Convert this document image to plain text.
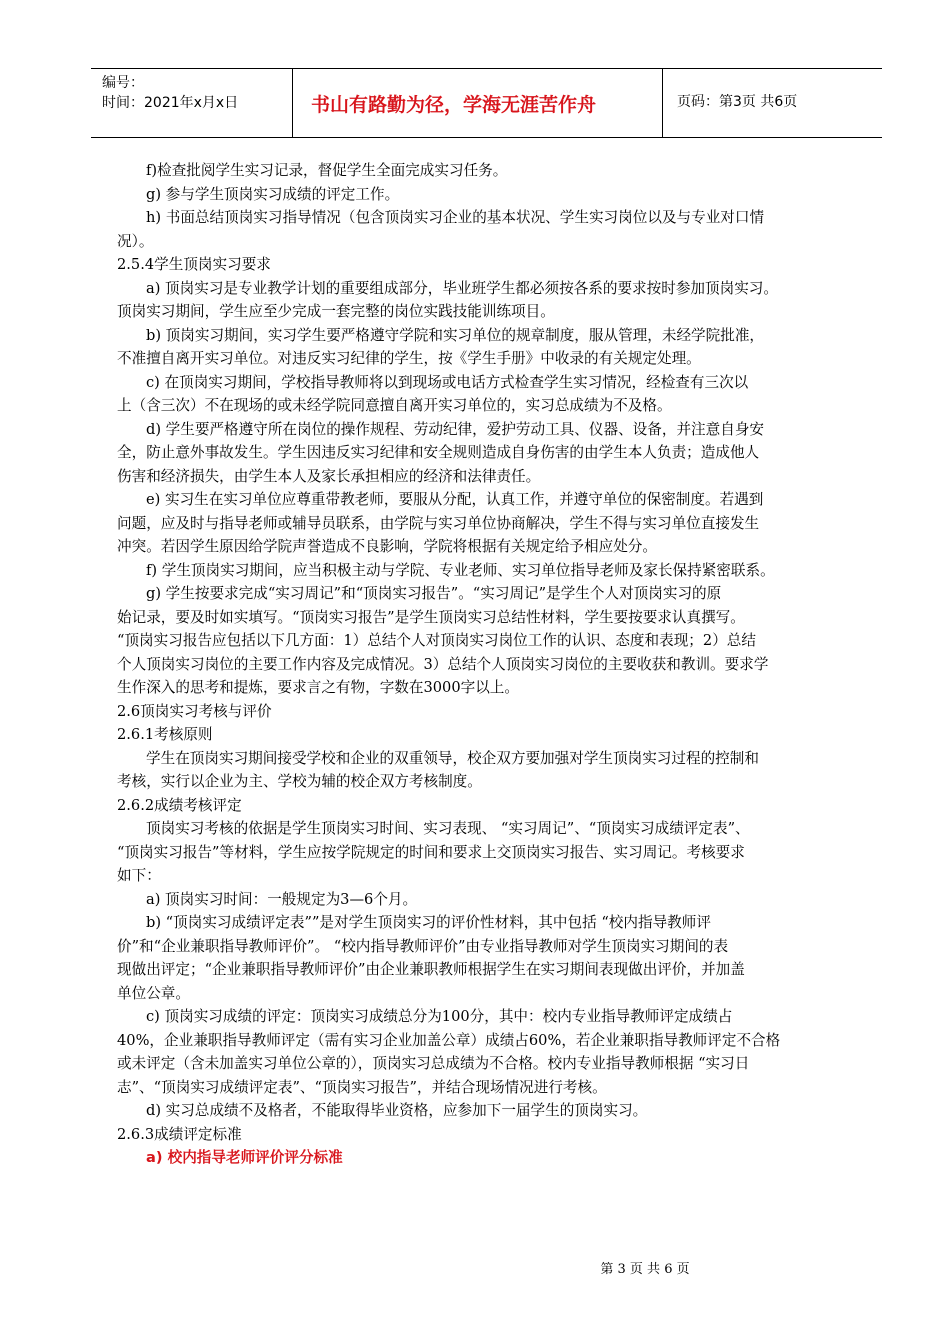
编号：
时间：2021年x月x日	书山有路勤为径，学海无涯苦作舟	页码：第3页 共6页
f)检查批阅学生实习记录，督促学生全面完成实习任务。
g) 参与学生顶岗实习成绩的评定工作。
h) 书面总结顶岗实习指导情况（包含顶岗实习企业的基本状况、学生实习岗位以及与专业对口情
况）。
2.5.4学生顶岗实习要求
a) 顶岗实习是专业教学计划的重要组成部分，毕业班学生都必须按各系的要求按时参加顶岗实习。
顶岗实习期间，学生应至少完成一套完整的岗位实践技能训练项目。
b) 顶岗实习期间，实习学生要严格遵守学院和实习单位的规章制度，服从管理，未经学院批准，
不准擅自离开实习单位。对违反实习纪律的学生，按《学生手册》中收录的有关规定处理。
c) 在顶岗实习期间，学校指导教师将以到现场或电话方式检查学生实习情况，经检查有三次以
上（含三次）不在现场的或未经学院同意擅自离开实习单位的，实习总成绩为不及格。
d) 学生要严格遵守所在岗位的操作规程、劳动纪律，爱护劳动工具、仪器、设备，并注意自身安
全，防止意外事故发生。学生因违反实习纪律和安全规则造成自身伤害的由学生本人负责；造成他人
伤害和经济损失，由学生本人及家长承担相应的经济和法律责任。
e) 实习生在实习单位应尊重带教老师，要服从分配，认真工作，并遵守单位的保密制度。若遇到
问题，应及时与指导老师或辅导员联系，由学院与实习单位协商解决，学生不得与实习单位直接发生
冲突。若因学生原因给学院声誉造成不良影响，学院将根据有关规定给予相应处分。
f) 学生顶岗实习期间，应当积极主动与学院、专业老师、实习单位指导老师及家长保持紧密联系。
g) 学生按要求完成“实习周记”和“顶岗实习报告”。“实习周记”是学生个人对顶岗实习的原
始记录，要及时如实填写。“顶岗实习报告”是学生顶岗实习总结性材料，学生要按要求认真撰写。
“顶岗实习报告应包括以下几方面：1）总结个人对顶岗实习岗位工作的认识、态度和表现；2）总结
个人顶岗实习岗位的主要工作内容及完成情况。3）总结个人顶岗实习岗位的主要收获和教训。要求学
生作深入的思考和提炼，要求言之有物，字数在3000字以上。
2.6顶岗实习考核与评价
2.6.1考核原则
学生在顶岗实习期间接受学校和企业的双重领导，校企双方要加强对学生顶岗实习过程的控制和
考核，实行以企业为主、学校为辅的校企双方考核制度。
2.6.2成绩考核评定
顶岗实习考核的依据是学生顶岗实习时间、实习表现、 “实习周记”、“顶岗实习成绩评定表”、
“顶岗实习报告”等材料，学生应按学院规定的时间和要求上交顶岗实习报告、实习周记。考核要求
如下：
a) 顶岗实习时间：一般规定为3—6个月。
b) “顶岗实习成绩评定表””是对学生顶岗实习的评价性材料，其中包括 “校内指导教师评
价”和“企业兼职指导教师评价”。 “校内指导教师评价”由专业指导教师对学生顶岗实习期间的表
现做出评定；“企业兼职指导教师评价”由企业兼职教师根据学生在实习期间表现做出评价，并加盖
单位公章。
c) 顶岗实习成绩的评定：顶岗实习成绩总分为100分，其中：校内专业指导教师评定成绩占
40%，企业兼职指导教师评定（需有实习企业加盖公章）成绩占60%，若企业兼职指导教师评定不合格
或未评定（含未加盖实习单位公章的），顶岗实习总成绩为不合格。校内专业指导教师根据 “实习日
志”、“顶岗实习成绩评定表”、“顶岗实习报告”，并结合现场情况进行考核。
d) 实习总成绩不及格者，不能取得毕业资格，应参加下一届学生的顶岗实习。
2.6.3成绩评定标准
a) 校内指导老师评价评分标准
第 3 页 共 6 页
